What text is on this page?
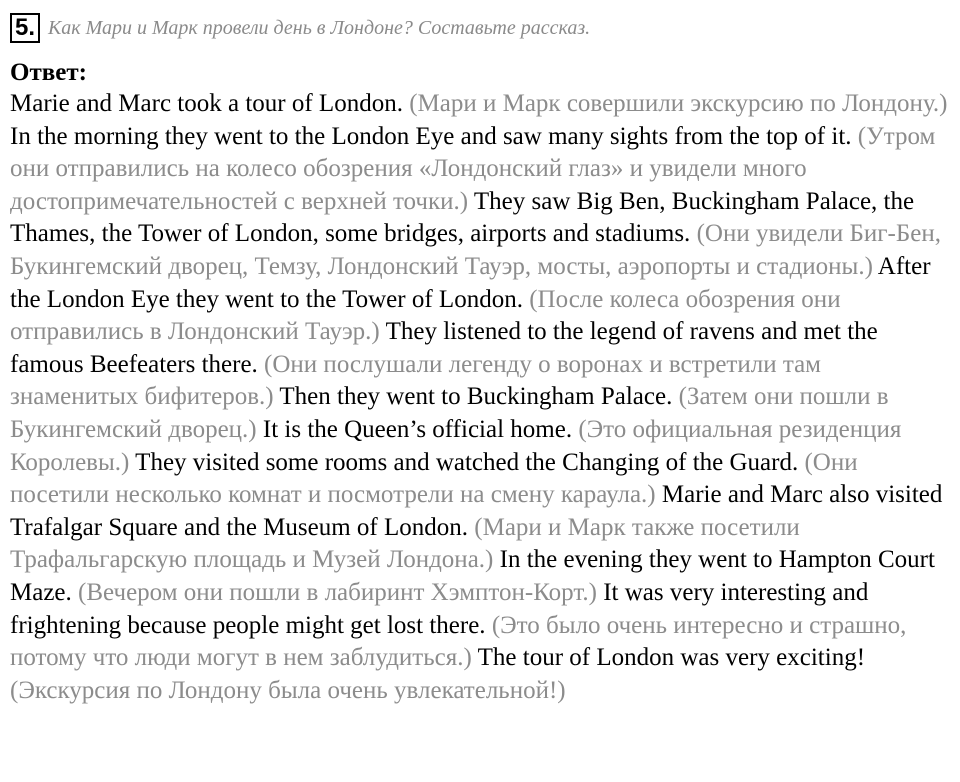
5. Как Мари и Марк провели день в Лондоне? Составьте рассказ.
Ответ:
Marie and Marc took a tour of London. (Мари и Марк совершили экскурсию по Лондону.) In the morning they went to the London Eye and saw many sights from the top of it. (Утром они отправились на колесо обозрения «Лондонский глаз» и увидели много достопримечательностей с верхней точки.) They saw Big Ben, Buckingham Palace, the Thames, the Tower of London, some bridges, airports and stadiums. (Они увидели Биг-Бен, Букингемский дворец, Темзу, Лондонский Тауэр, мосты, аэропорты и стадионы.) After the London Eye they went to the Tower of London. (После колеса обозрения они отправились в Лондонский Тауэр.) They listened to the legend of ravens and met the famous Beefeaters there. (Они послушали легенду о воронах и встретили там знаменитых бифитеров.) Then they went to Buckingham Palace. (Затем они пошли в Букингемский дворец.) It is the Queen’s official home. (Это официальная резиденция Королевы.) They visited some rooms and watched the Changing of the Guard. (Они посетили несколько комнат и посмотрели на смену караула.) Marie and Marc also visited Trafalgar Square and the Museum of London. (Мари и Марк также посетили Трафальгарскую площадь и Музей Лондона.) In the evening they went to Hampton Court Maze. (Вечером они пошли в лабиринт Хэмптон-Корт.) It was very interesting and frightening because people might get lost there. (Это было очень интересно и страшно, потому что люди могут в нем заблудиться.) The tour of London was very exciting! (Экскурсия по Лондону была очень увлекательной!)
